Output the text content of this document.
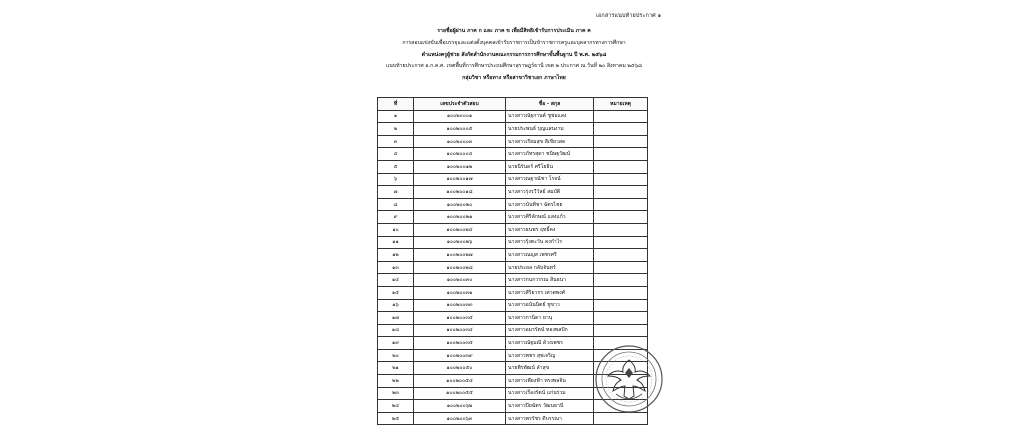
เอกสารแนบท้ายประกาศ ๑
รายชื่อผู้ผ่าน ภาค ก และ ภาค ข เพื่อมีสิทธิเข้ารับการประเมิน ภาค ค
การสอบแข่งขันเพื่อบรรจุและแต่งตั้งบุคคลเข้ารับราชการเป็นข้าราชการครูและบุคลากรทางการศึกษา
ตำแหน่งครูผู้ช่วย สังกัดสำนักงานคณะกรรมการการศึกษาขั้นพื้นฐาน ปี พ.ศ. ๒๕๖๘
แนบท้ายประกาศ อ.ก.ค.ศ. เขตพื้นที่การศึกษาประถมศึกษาสุราษฎร์ธานี เขต ๒ ประกาศ ณ วันที่ ๒๐ สิงหาคม ๒๕๖๘
กลุ่มวิชา หรือทาง หรือสาขาวิชาเอก ภาษาไทย
ที่	เลขประจำตัวสอบ	ชื่อ - สกุล	หมายเหตุ
๑	๑๐๐๒๐๐๐๑	นางสาวณัฐกานต์ ชูช่อแสง	
๒	๑๐๐๒๐๐๐๕	นายประพนธ์ บุญแสนงาม	
๓	๑๐๐๒๐๐๐๓	นางสาวเรียมสุข สีเขียวสด	
๔	๑๐๐๒๐๐๐๔	นางสาวภัทรสุดา ชนิษฐวัฒน์	
๕	๑๐๐๒๐๐๑๒	นายนิรันดร์ ศรีโยธิน	
๖	๑๐๐๒๐๐๑๗	นางสาวณฐาณัชา โรจน์	
๗	๑๐๐๒๐๐๑๘	นางสาวรุ่งรวีวัลย์ สมบัติ	
๘	๑๐๐๒๐๐๒๐	นางสาวนันทิชา ฉัตรไชย	
๙	๑๐๐๒๐๐๒๑	นางสาวศิริลักษณ์ แสงแก้ว	
๑๐	๑๐๐๒๐๐๒๔	นางสาวธนพร ฤทธิ์คง	
๑๑	๑๐๐๒๐๐๒๖	นางสาวรุ้งตะวัน คงกำไร	
๑๒	๑๐๐๒๐๐๒๗	นางสาวณญส เพชรศรี	
๑๓	๑๐๐๒๐๐๒๘	นายประยล กลับจันทร์	
๑๔	๑๐๐๒๐๐๓๐	นางสาวกนกวรรณ สินธนา	
๑๕	๑๐๐๒๐๐๓๑	นางสาวสิริยากร เศวตพงศ์	
๑๖	๑๐๐๒๐๐๓๓	นางสาวอนันนิตย์ ชูขาว	
๑๗	๑๐๐๒๐๐๓๕	นางสาวกานิดา ยานุ	
๑๘	๑๐๐๒๐๐๓๔	นางสาวอมรรัตน์ ทองพลปัก	
๑๙	๑๐๐๒๐๐๓๕	นางสาวณัฐมณี ด้วงเพชร	
๒๐	๑๐๐๒๐๐๓๙	นางสาวพชร สุขเจริญ	
๒๑	๑๐๐๒๐๐๕๐	นายพีรพัฒน์ ลำสุข	
๒๒	๑๐๐๒๐๐๕๔	นางสาวเพียงฟ้า ทรงพลจิน	
๒๓	๑๐๐๒๐๐๕๕	นางสาวเรืองรัตน์ แก่นร่วม	
๒๔	๑๐๐๒๐๐๖๒	นางสาวปิยฉัตร วัฒนธานี	
๒๕	๑๐๐๒๐๐๖๓	นางสาวพรรัชร ดีบรรณา	
